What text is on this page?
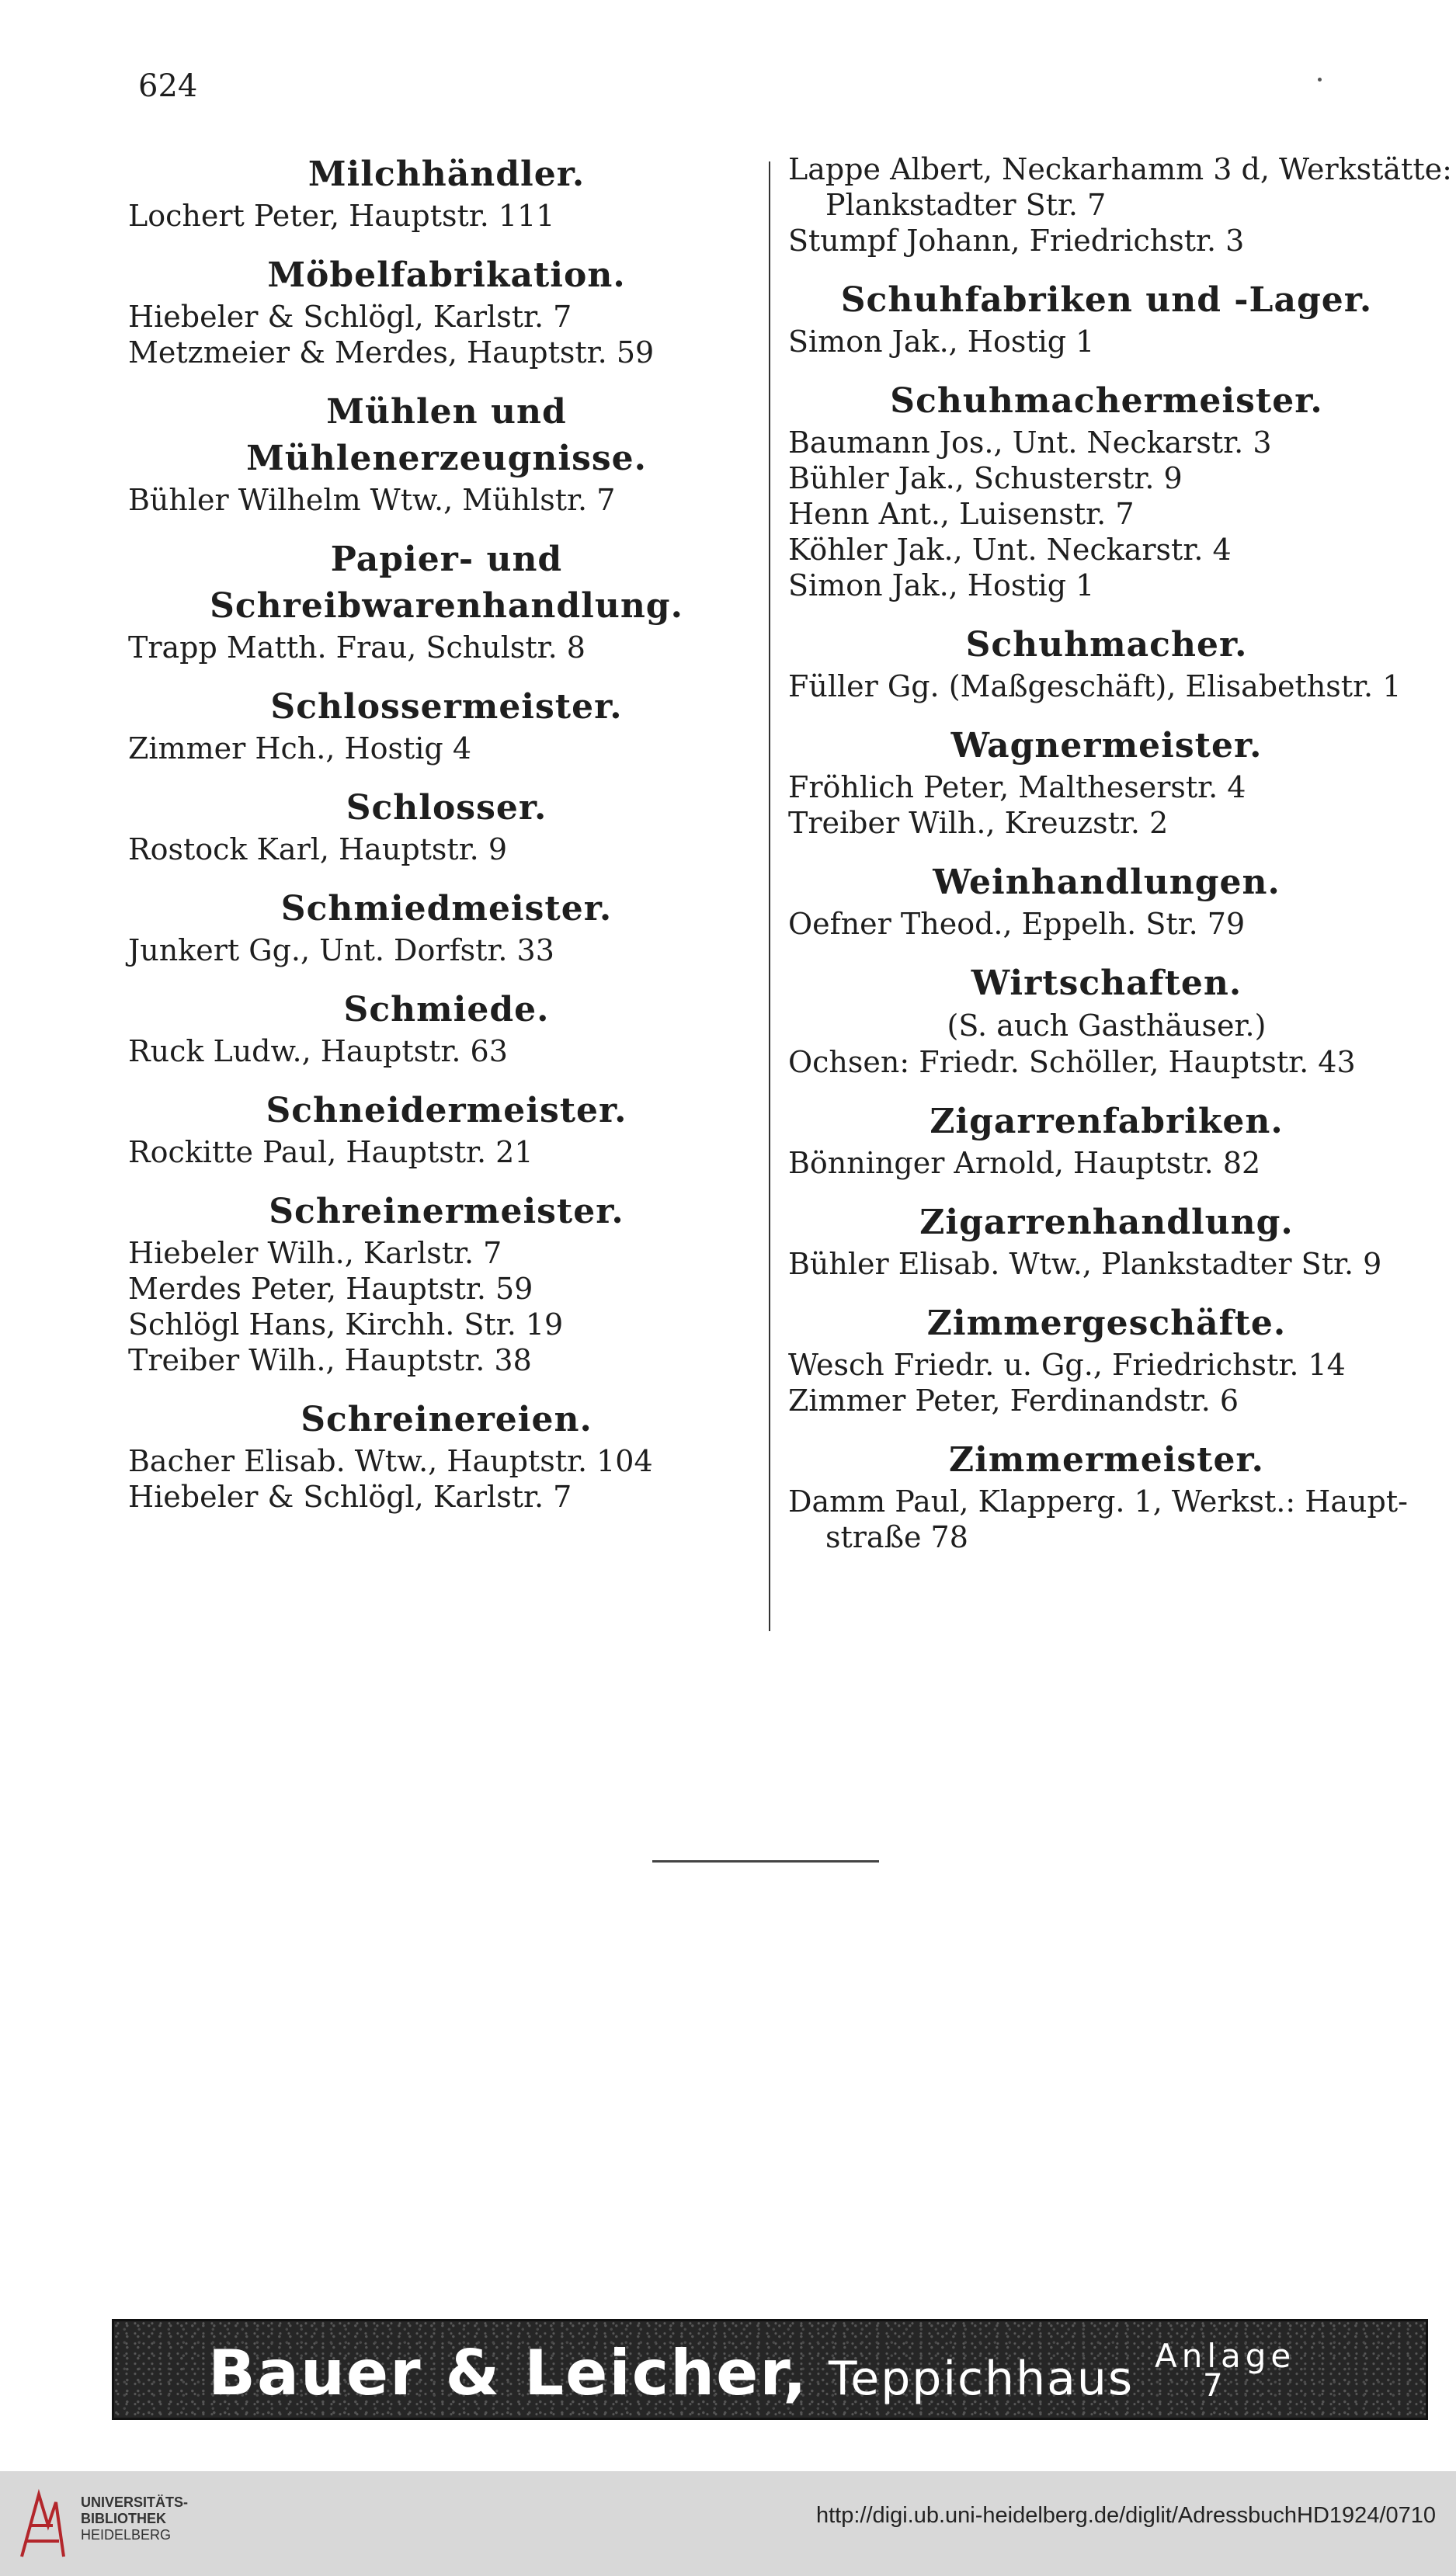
624
Milchhändler.

Lochert Peter, Hauptstr. 111

Möbelfabrikation.

Hiebeler & Schlögl, Karlstr. 7

Metzmeier & Merdes, Hauptstr. 59

Mühlen und Mühlenerzeugnisse.

Bühler Wilhelm Wtw., Mühlstr. 7

Papier- und Schreibwarenhandlung.

Trapp Matth. Frau, Schulstr. 8

Schlossermeister.

Zimmer Hch., Hostig 4

Schlosser.

Rostock Karl, Hauptstr. 9

Schmiedmeister.

Junkert Gg., Unt. Dorfstr. 33

Schmiede.

Ruck Ludw., Hauptstr. 63

Schneidermeister.

Rockitte Paul, Hauptstr. 21

Schreinermeister.

Hiebeler Wilh., Karlstr. 7

Merdes Peter, Hauptstr. 59

Schlögl Hans, Kirchh. Str. 19

Treiber Wilh., Hauptstr. 38

Schreinereien.

Bacher Elisab. Wtw., Hauptstr. 104

Hiebeler & Schlögl, Karlstr. 7

Lappe Albert, Neckarhamm 3 d, Werkstätte:

Plankstadter Str. 7

Stumpf Johann, Friedrichstr. 3

Schuhfabriken und -Lager.

Simon Jak., Hostig 1

Schuhmachermeister.

Baumann Jos., Unt. Neckarstr. 3

Bühler Jak., Schusterstr. 9

Henn Ant., Luisenstr. 7

Köhler Jak., Unt. Neckarstr. 4

Simon Jak., Hostig 1

Schuhmacher.

Füller Gg. (Maßgeschäft), Elisabethstr. 1

Wagnermeister.

Fröhlich Peter, Maltheserstr. 4

Treiber Wilh., Kreuzstr. 2

Weinhandlungen.

Oefner Theod., Eppelh. Str. 79

Wirtschaften.

(S. auch Gasthäuser.)

Ochsen: Friedr. Schöller, Hauptstr. 43

Zigarrenfabriken.

Bönninger Arnold, Hauptstr. 82

Zigarrenhandlung.

Bühler Elisab. Wtw., Plankstadter Str. 9

Zimmergeschäfte.

Wesch Friedr. u. Gg., Friedrichstr. 14

Zimmer Peter, Ferdinandstr. 6

Zimmermeister.

Damm Paul, Klapperg. 1, Werkst.: Haupt-

straße 78

Bauer & Leicher, Teppichhaus Anlage
7
UNIVERSITÄTS-
BIBLIOTHEK
HEIDELBERG
http://digi.ub.uni-heidelberg.de/diglit/AdressbuchHD1924/0710
